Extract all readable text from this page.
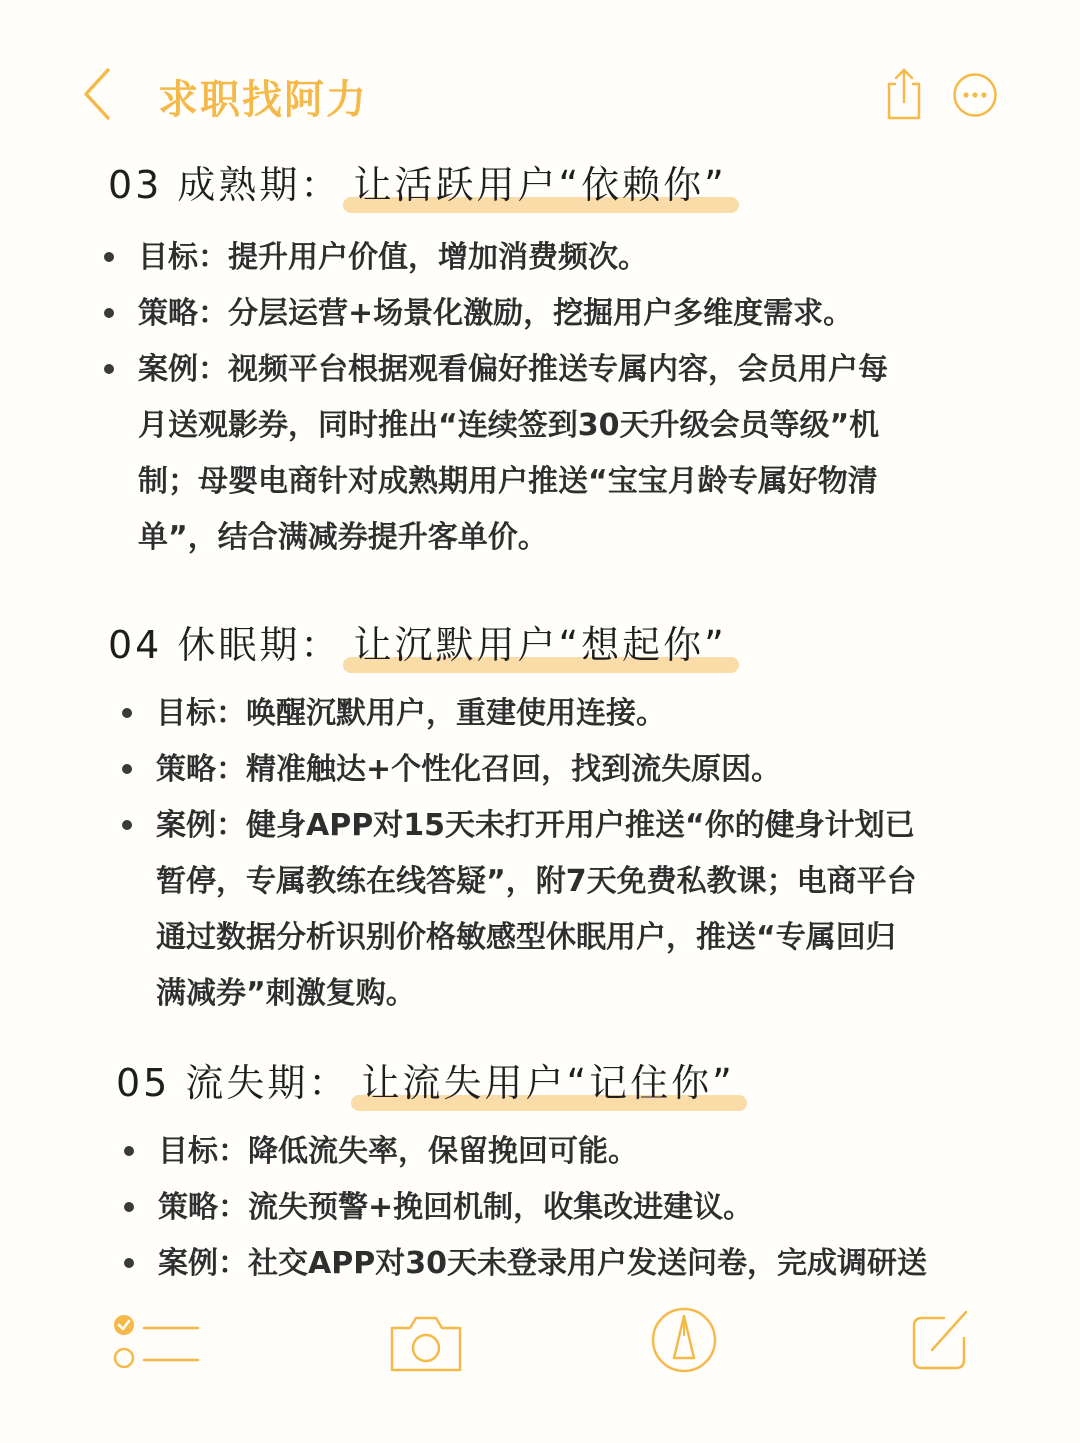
求职找阿力
03 成熟期： 让活跃用户“依赖你”
目标：提升用户价值，增加消费频次。
策略：分层运营+场景化激励，挖掘用户多维度需求。
案例：视频平台根据观看偏好推送专属内容，会员用户每
月送观影券，同时推出“连续签到30天升级会员等级”机
制；母婴电商针对成熟期用户推送“宝宝月龄专属好物清
单”，结合满减券提升客单价。
04 休眠期： 让沉默用户“想起你”
目标：唤醒沉默用户，重建使用连接。
策略：精准触达+个性化召回，找到流失原因。
案例：健身APP对15天未打开用户推送“你的健身计划已
暂停，专属教练在线答疑”，附7天免费私教课；电商平台
通过数据分析识别价格敏感型休眠用户，推送“专属回归
满减券”刺激复购。
05 流失期： 让流失用户“记住你”
目标：降低流失率，保留挽回可能。
策略：流失预警+挽回机制，收集改进建议。
案例：社交APP对30天未登录用户发送问卷，完成调研送
